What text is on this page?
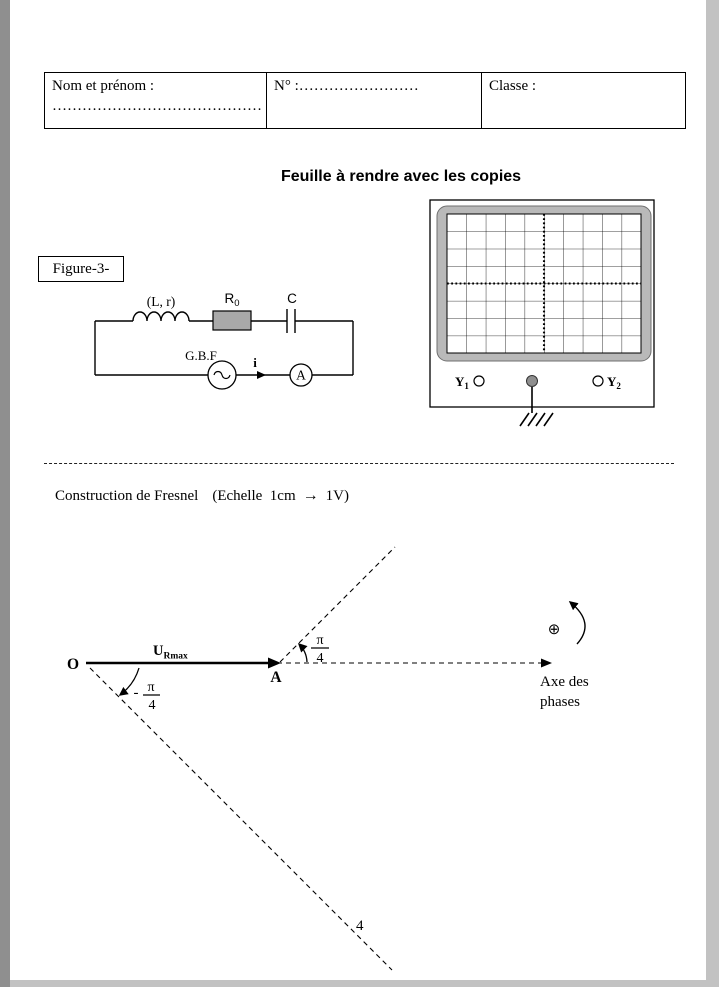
Nom et prénom :
……………………………………
N° :……………………	Classe :
Feuille à rendre avec les copies
Figure-3-
(L, r)	$R_0$	C
G.B.F	i
A	$Y_1$	$Y_2$
Construction de Fresnel (Echelle  1cm → 1V)
π
4
- π
4
O
A
$U_{Rmax}$
⊕
Axe des
phases
4
